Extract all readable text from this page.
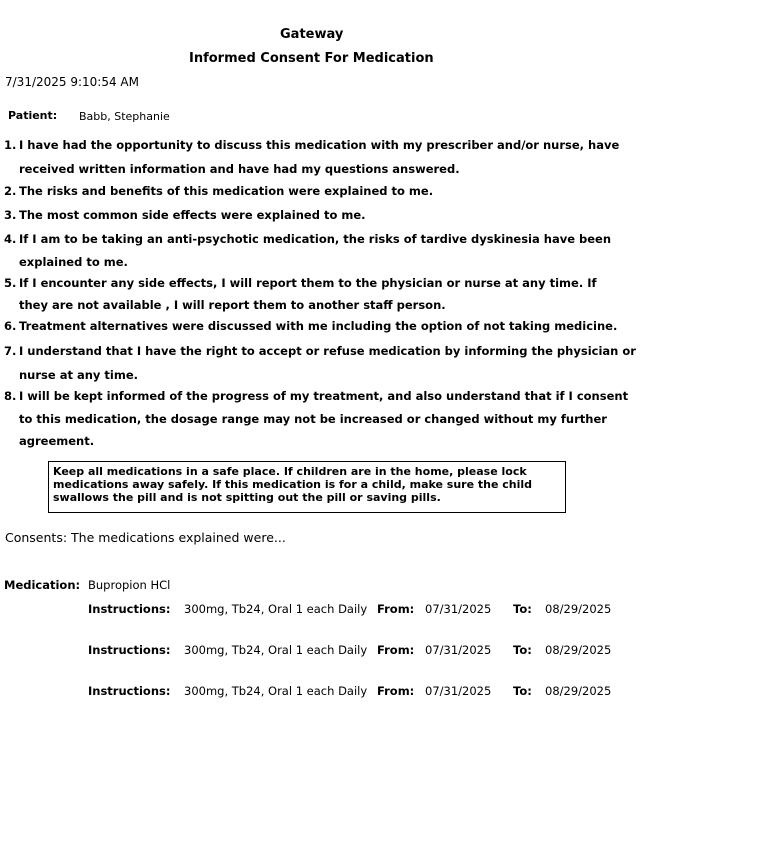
Gateway
Informed Consent For Medication
7/31/2025 9:10:54 AM
Patient: Babb, Stephanie
1. I have had the opportunity to discuss this medication with my prescriber and/or nurse, have
received written information and have had my questions answered.
2. The risks and benefits of this medication were explained to me.
3. The most common side effects were explained to me.
4. If I am to be taking an anti-psychotic medication, the risks of tardive dyskinesia have been
explained to me.
5. If I encounter any side effects, I will report them to the physician or nurse at any time. If
they are not available , I will report them to another staff person.
6. Treatment alternatives were discussed with me including the option of not taking medicine.
7. I understand that I have the right to accept or refuse medication by informing the physician or
nurse at any time.
8. I will be kept informed of the progress of my treatment, and also understand that if I consent
to this medication, the dosage range may not be increased or changed without my further
agreement.
Keep all medications in a safe place. If children are in the home, please lock
medications away safely. If this medication is for a child, make sure the child
swallows the pill and is not spitting out the pill or saving pills.
Consents: The medications explained were...
Medication: Bupropion HCl
Instructions: 300mg, Tb24, Oral 1 each Daily From: 07/31/2025 To: 08/29/2025
Instructions: 300mg, Tb24, Oral 1 each Daily From: 07/31/2025 To: 08/29/2025
Instructions: 300mg, Tb24, Oral 1 each Daily From: 07/31/2025 To: 08/29/2025
